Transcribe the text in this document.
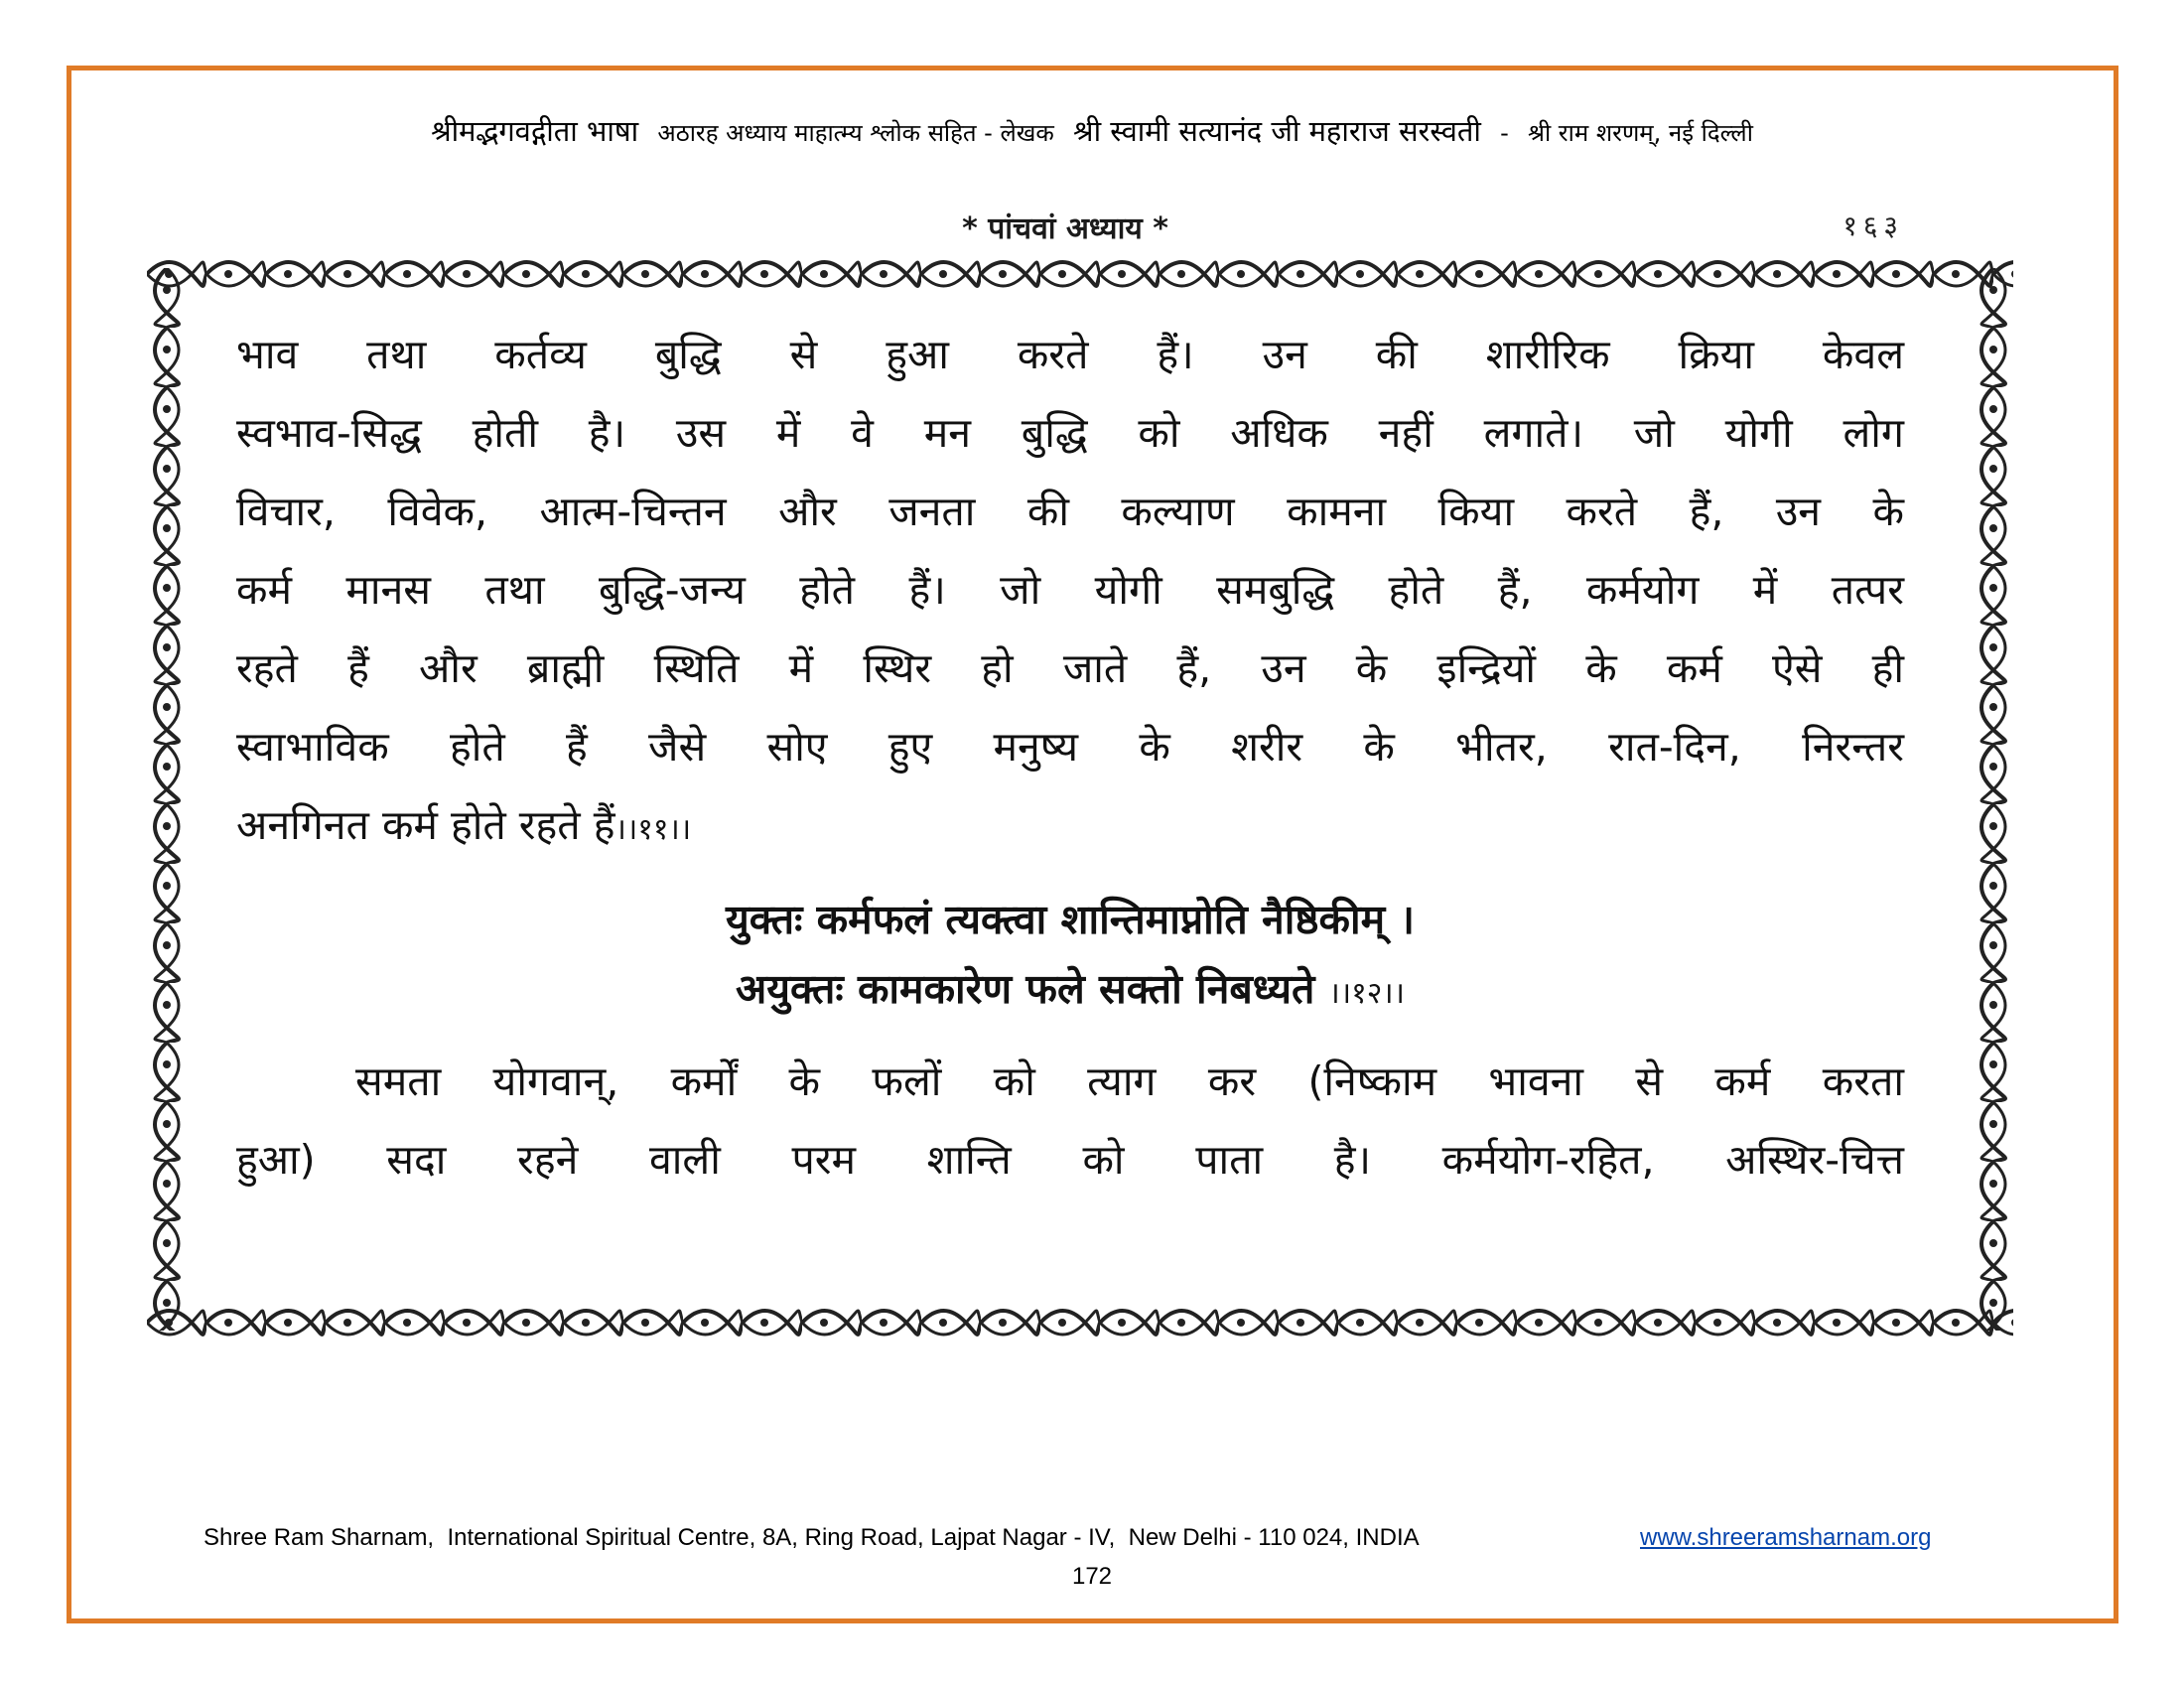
श्रीमद्भगवद्गीता भाषा अठारह अध्याय माहात्म्य श्लोक सहित - लेखक श्री स्वामी सत्यानंद जी महाराज सरस्वती - श्री राम शरणम्, नई दिल्ली
* पांचवां अध्याय *	१६३
भाव तथा कर्तव्य बुद्धि से हुआ करते हैं। उन की शारीरिक क्रिया केवल
स्वभाव-सिद्ध होती है। उस में वे मन बुद्धि को अधिक नहीं लगाते। जो योगी लोग
विचार, विवेक, आत्म-चिन्तन और जनता की कल्याण कामना किया करते हैं, उन के
कर्म मानस तथा बुद्धि-जन्य होते हैं। जो योगी समबुद्धि होते हैं, कर्मयोग में तत्पर
रहते हैं और ब्राह्मी स्थिति में स्थिर हो जाते हैं, उन के इन्द्रियों के कर्म ऐसे ही
स्वाभाविक होते हैं जैसे सोए हुए मनुष्य के शरीर के भीतर, रात-दिन, निरन्तर
अनगिनत कर्म होते रहते हैं।।११।।
युक्तः कर्मफलं त्यक्त्वा शान्तिमाप्नोति नैष्ठिकीम् ।
अयुक्तः कामकारेण फले सक्तो निबध्यते ।।१२।।
समता योगवान्, कर्मों के फलों को त्याग कर (निष्काम भावना से कर्म करता
हुआ) सदा रहने वाली परम शान्ति को पाता है। कर्मयोग-रहित, अस्थिर-चित्त
Shree Ram Sharnam,  International Spiritual Centre, 8A, Ring Road, Lajpat Nagar - IV,  New Delhi - 110 024, INDIA	www.shreeramsharnam.org
172
